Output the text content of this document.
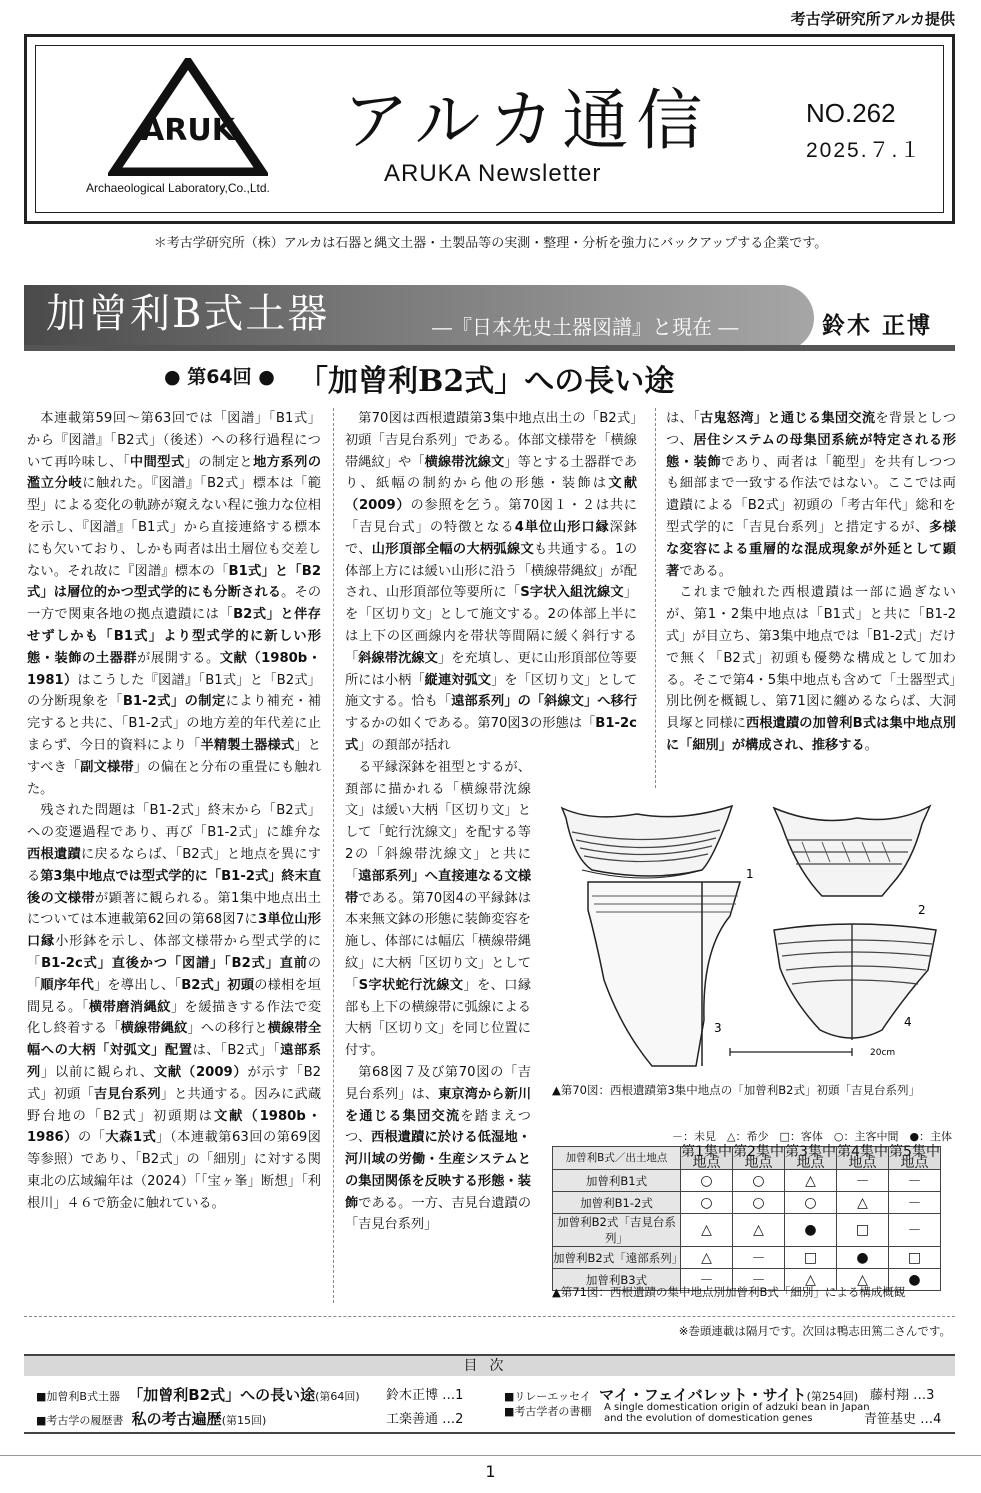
考古学研究所アルカ提供
ARUK
Archaeological Laboratory,Co.,Ltd.
アルカ通信
ARUKA Newsletter
NO.262
2025.７.１
＊考古学研究所（株）アルカは石器と縄文土器・土製品等の実測・整理・分析を強力にバックアップする企業です。
加曾利B式土器	―『日本先史土器図譜』と現在 ―	鈴木 正博
● 第64回 ● 「加曾利B2式」への長い途

本連載第59回～第63回では「図譜」「B1式」から『図譜』「B2式」（後述）への移行過程について再吟味し、「中間型式」の制定と地方系列の濫立分岐に触れた。『図譜』「B2式」標本は「範型」による変化の軌跡が窺えない程に強力な位相を示し、『図譜』「B1式」から直接連絡する標本にも欠いており、しかも両者は出土層位も交差しない。それ故に『図譜』標本の「B1式」と「B2式」は層位的かつ型式学的にも分断される。その一方で関東各地の拠点遺蹟には「B2式」と伴存せずしかも「B1式」より型式学的に新しい形態・装飾の土器群が展開する。文献（1980b・1981）はこうした『図譜』「B1式」と「B2式」の分断現象を「B1-2式」の制定により補充・補完すると共に、「B1-2式」の地方差的年代差に止まらず、今日的資料により「半精製土器様式」とすべき「副文様帯」の偏在と分布の重畳にも触れた。

残された問題は「B1-2式」終末から「B2式」への変遷過程であり、再び「B1-2式」に雄弁な西根遺蹟に戻るならば、「B2式」と地点を異にする第3集中地点では型式学的に「B1-2式」終末直後の文様帯が顕著に観られる。第1集中地点出土については本連載第62回の第68図7に3単位山形口縁小形鉢を示し、体部文様帯から型式学的に「B1-2c式」直後かつ「図譜」「B2式」直前の「順序年代」を導出し、「B2式」初頭の様相を垣間見る。「横帯磨消縄紋」を緩描きする作法で変化し終着する「横線帯縄紋」への移行と横線帯全幅への大柄「対弧文」配置は、「B2式」「遠部系列」以前に観られ、文献（2009）が示す「B2式」初頭「吉見台系列」と共通する。因みに武蔵野台地の「B2式」初頭期は文献（1980b・1986）の「大森1式」（本連載第63回の第69図等参照）であり、「B2式」の「細別」に対する関東北の広域編年は（2024）「「宝ヶ峯」断想」「利根川」４６で筋金に触れている。

第70図は西根遺蹟第3集中地点出土の「B2式」初頭「吉見台系列」である。体部文様帯を「横線帯縄紋」や「横線帯沈線文」等とする土器群であり、紙幅の制約から他の形態・装飾は文献（2009）の参照を乞う。第70図１・２は共に「吉見台式」の特徴となる4単位山形口縁深鉢で、山形頂部全幅の大柄弧線文も共通する。1の体部上方には緩い山形に沿う「横線帯縄紋」が配され、山形頂部位等要所に「S字状入組沈線文」を「区切り文」として施文する。2の体部上半には上下の区画線内を帯状等間隔に緩く斜行する「斜線帯沈線文」を充填し、更に山形頂部位等要所には小柄「縦連対弧文」を「区切り文」として施文する。恰も「遠部系列」の「斜線文」へ移行するかの如くである。第70図3の形態は「B1-2c式」の頚部が括れ
る平縁深鉢を祖型とするが、頚部に描かれる「横線帯沈線文」は緩い大柄「区切り文」として「蛇行沈線文」を配する等2の「斜線帯沈線文」と共に「遠部系列」へ直接連なる文様帯である。第70図4の平縁鉢は本来無文鉢の形態に装飾変容を施し、体部には幅広「横線帯縄紋」に大柄「区切り文」として「S字状蛇行沈線文」を、口縁部も上下の横線帯に弧線による大柄「区切り文」を同じ位置に付す。

第68図７及び第70図の「吉見台系列」は、東京湾から新川を通じる集団交流を踏まえつつ、西根遺蹟に於ける低湿地・河川域の労働・生産システムとの集団関係を反映する形態・装飾である。一方、吉見台遺蹟の「吉見台系列」

は、「古鬼怒湾」と通じる集団交流を背景としつつ、居住システムの母集団系統が特定される形態・装飾であり、両者は「範型」を共有しつつも細部まで一致する作法ではない。ここでは両遺蹟による「B2式」初頭の「考古年代」総和を型式学的に「吉見台系列」と措定するが、多様な変容による重層的な混成現象が外延として顕著である。

これまで触れた西根遺蹟は一部に過ぎないが、第1・2集中地点は「B1式」と共に「B1-2式」が目立ち、第3集中地点では「B1-2式」だけで無く「B2式」初頭も優勢な構成として加わる。そこで第4・5集中地点も含めて「土器型式」別比例を概観し、第71図に纏めるならば、大洞貝塚と同様に西根遺蹟の加曾利B式は集中地点別に「細別」が構成され、推移する。

1
2
3	4
20cm
▲第70図：西根遺蹟第3集中地点の「加曾利B2式」初頭「吉見台系列」
－：未見　△：希少　□：客体　○：主客中間　●：主体
加曾利B式／出土地点	第1集中地点	第2集中地点	第3集中地点	第4集中地点	第5集中地点
加曾利B1式	○	○	△	－	－
加曾利B1-2式	○	○	○	△	－
加曾利B2式「吉見台系列」	△	△	●	□	－
加曾利B2式「遠部系列」	△	－	□	●	□
加曾利B3式	－	－	△	△	●
▲第71図：西根遺蹟の集中地点別加曾利B式「細別」による構成概観
※巻頭連載は隔月です。次回は鴨志田篤二さんです。
目次
■加曾利B式土器 「加曾利B2式」への長い途(第64回) 鈴木正博 …1
■考古学の履歴書 私の考古遍歴(第15回)	工楽善通 …2
■リレーエッセイ マイ・フェイバレット・サイト(第254回) 藤村翔 …3
■考古学者の書棚 A single domestication origin of adzuki bean in Japan
and the evolution of domestication genes	青笹基史 …4
1
